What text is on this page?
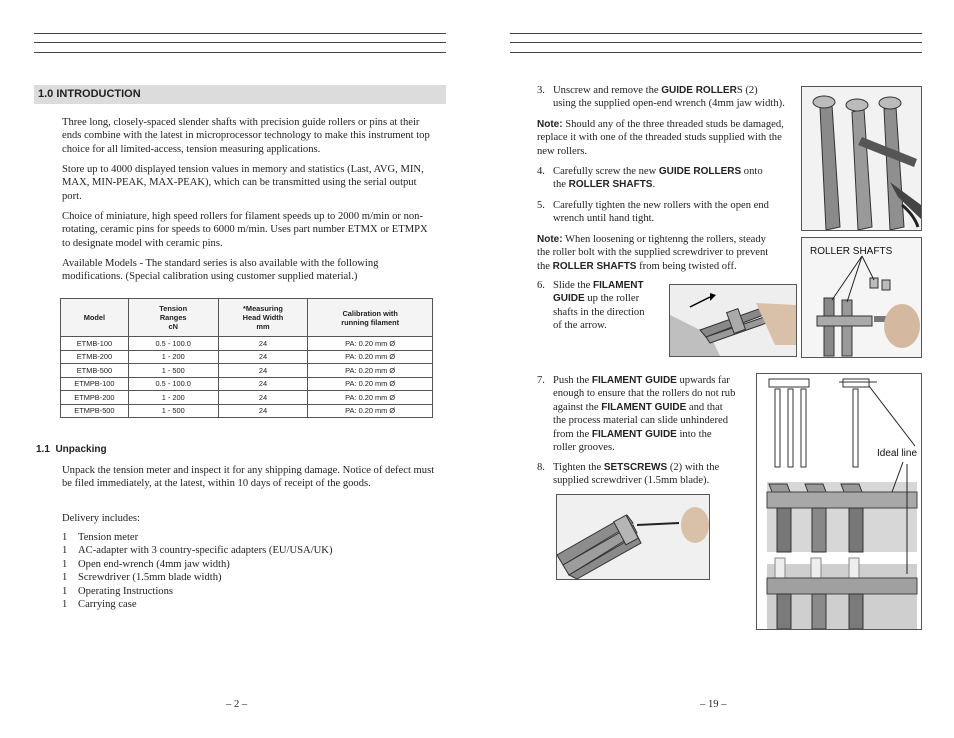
1.0 INTRODUCTION

Three long, closely-spaced slender shafts with precision guide rollers or pins at their

ends combine with the latest in microprocessor technology to make this instrument top

choice for all limited-access, tension measuring applications.

Store up to 4000 displayed tension values in memory and statistics (Last, AVG, MIN,

MAX, MIN-PEAK, MAX-PEAK), which can be transmitted using the serial output

port.

Choice of miniature, high speed rollers for filament speeds up to 2000 m/min or non-

rotating, ceramic pins for speeds to 6000 m/min. Uses part number ETMX or ETMPX

to designate model with ceramic pins.

Available Models - The standard series is also available with the following

modifications. (Special calibration using customer supplied material.)

Model	Tension
Ranges
cN	*Measuring
Head Width
mm	Calibration with
running filament
ETMB-100	0.5 - 100.0	24	PA: 0.20 mm Ø
ETMB-200	1 - 200	24	PA: 0.20 mm Ø
ETMB-500	1 - 500	24	PA: 0.20 mm Ø
ETMPB-100	0.5 - 100.0	24	PA: 0.20 mm Ø
ETMPB-200	1 - 200	24	PA: 0.20 mm Ø
ETMPB-500	1 - 500	24	PA: 0.20 mm Ø
1.1  Unpacking

Unpack the tension meter and inspect it for any shipping damage. Notice of defect must

be filed immediately, at the latest, within 10 days of receipt of the goods.

Delivery includes:
1 Tension meter
1 AC-adapter with 3 country-specific adapters (EU/USA/UK)
1 Open end-wrench (4mm jaw width)
1 Screwdriver (1.5mm blade width)
1 Operating Instructions
1 Carrying case
– 2 –
3. Unscrew and remove the GUIDE ROLLERS (2)
using the supplied open-end wrench (4mm jaw width).
Note: Should any of the three threaded studs be damaged,
replace it with one of the threaded studs supplied with the
new rollers.
4. Carefully screw the new GUIDE ROLLERS onto
the ROLLER SHAFTS.
5. Carefully tighten the new rollers with the open end
wrench until hand tight.
Note: When loosening or tightenng the rollers, steady
the roller bolt with the supplied screwdriver to prevent
the ROLLER SHAFTS from being twisted off.
6. Slide the FILAMENT
GUIDE up the roller
shafts in the direction
of the arrow.
7. Push the FILAMENT GUIDE upwards far
enough to ensure that the rollers do not rub
against the FILAMENT GUIDE and that
the process material can slide unhindered
from the FILAMENT GUIDE into the
roller grooves.
8. Tighten the SETSCREWS (2) with the
supplied screwdriver (1.5mm blade).
– 19 –
ROLLER SHAFTS
Ideal line
